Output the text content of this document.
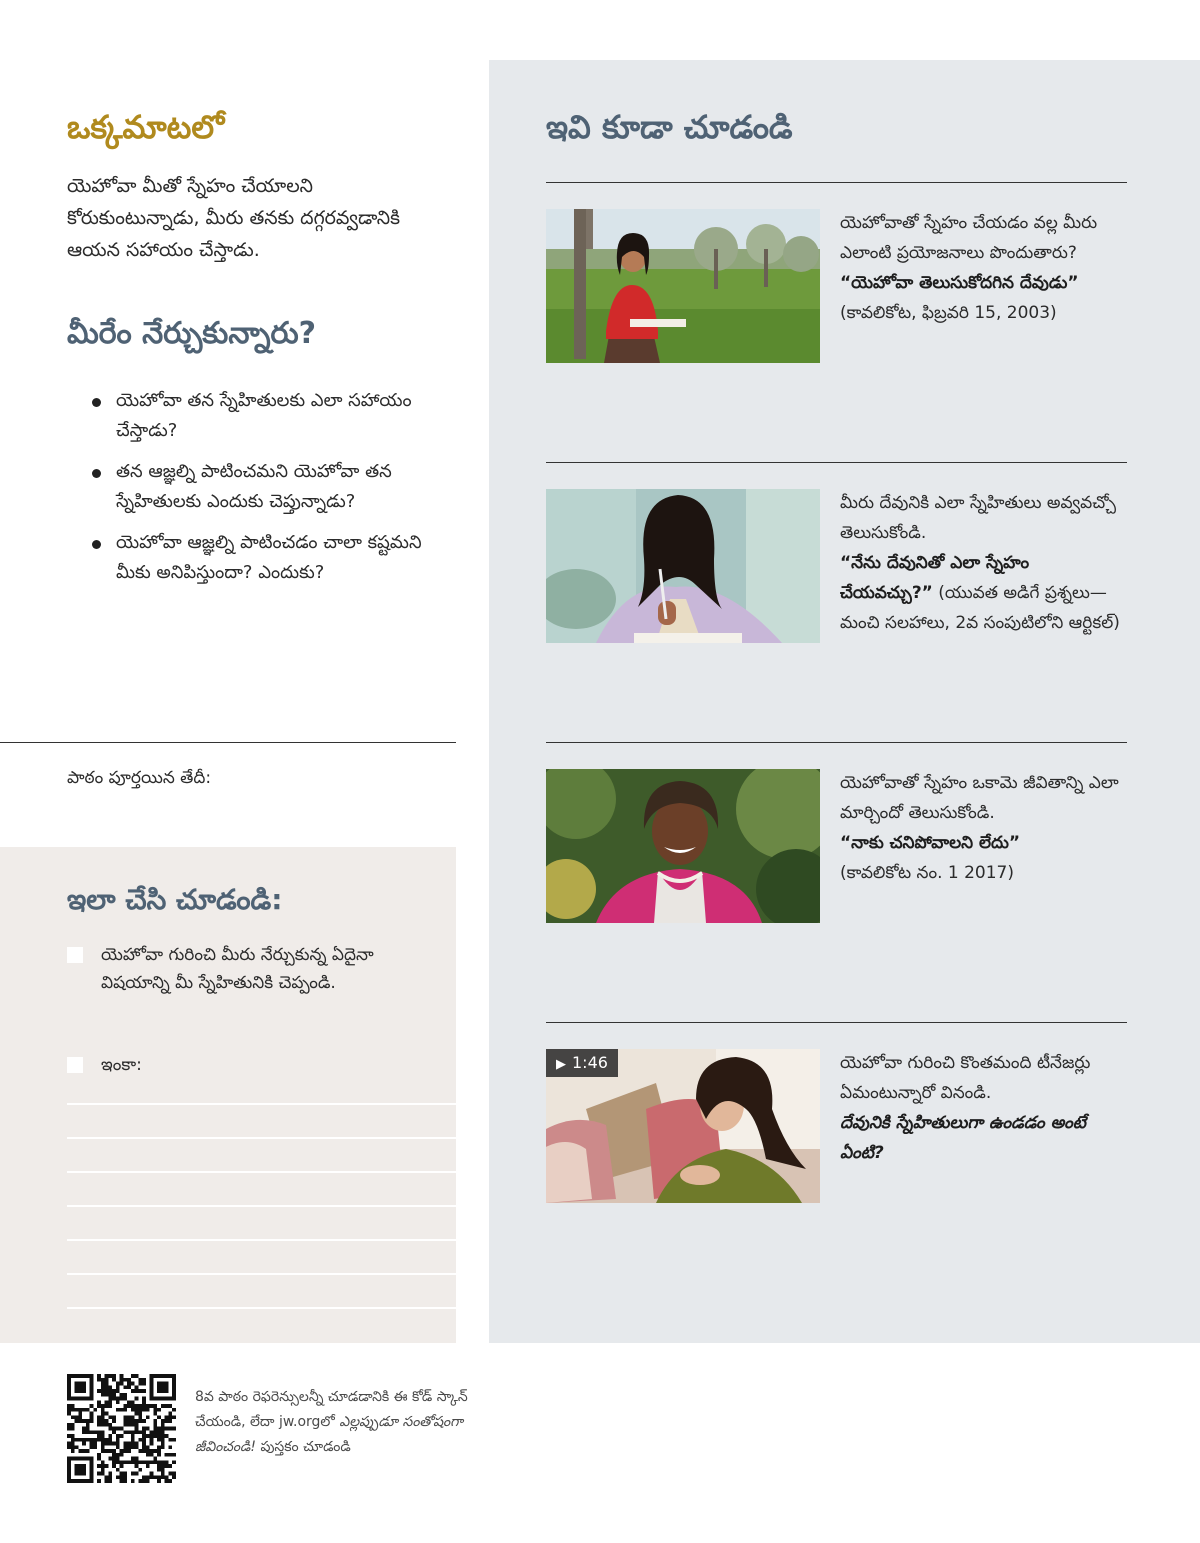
ఒక్కమాటలో

యెహోవా మీతో స్నేహం చేయాలని కోరుకుంటున్నాడు, మీరు తనకు దగ్గరవ్వడానికి ఆయన సహాయం చేస్తాడు.

మీరేం నేర్చుకున్నారు?
యెహోవా తన స్నేహితులకు ఎలా సహాయం చేస్తాడు?
తన ఆజ్ఞల్ని పాటించమని యెహోవా తన స్నేహితులకు ఎందుకు చెప్తున్నాడు?
యెహోవా ఆజ్ఞల్ని పాటించడం చాలా కష్టమని మీకు అనిపిస్తుందా? ఎందుకు?
పాఠం పూర్తయిన తేదీ:
ఇలా చేసి చూడండి:
యెహోవా గురించి మీరు నేర్చుకున్న ఏదైనా విషయాన్ని మీ స్నేహితునికి చెప్పండి.
ఇంకా:
ఇవి కూడా చూడండి
యెహోవాతో స్నేహం చేయడం వల్ల మీరు ఎలాంటి ప్రయోజనాలు పొందుతారు?
“యెహోవా తెలుసుకోదగిన దేవుడు”
(కావలికోట, ఫిబ్రవరి 15, 2003)
మీరు దేవునికి ఎలా స్నేహితులు అవ్వవచ్చో తెలుసుకోండి.
“నేను దేవునితో ఎలా స్నేహం చేయవచ్చు?” (యువత అడిగే ప్రశ్నలు—మంచి సలహాలు, 2వ సంపుటిలోని ఆర్టికల్)
యెహోవాతో స్నేహం ఒకామె జీవితాన్ని ఎలా మార్చిందో తెలుసుకోండి.
“నాకు చనిపోవాలని లేదు”
(కావలికోట నం. 1 2017)
▶ 1:46	యెహోవా గురించి కొంతమంది టీనేజర్లు ఏమంటున్నారో వినండి.
దేవునికి స్నేహితులుగా ఉండడం అంటే ఏంటి?
8వ పాఠం రెఫరెన్సులన్నీ చూడడానికి ఈ కోడ్ స్కాన్ చేయండి, లేదా jw.orgలో ఎల్లప్పుడూ సంతోషంగా జీవించండి! పుస్తకం చూడండి
